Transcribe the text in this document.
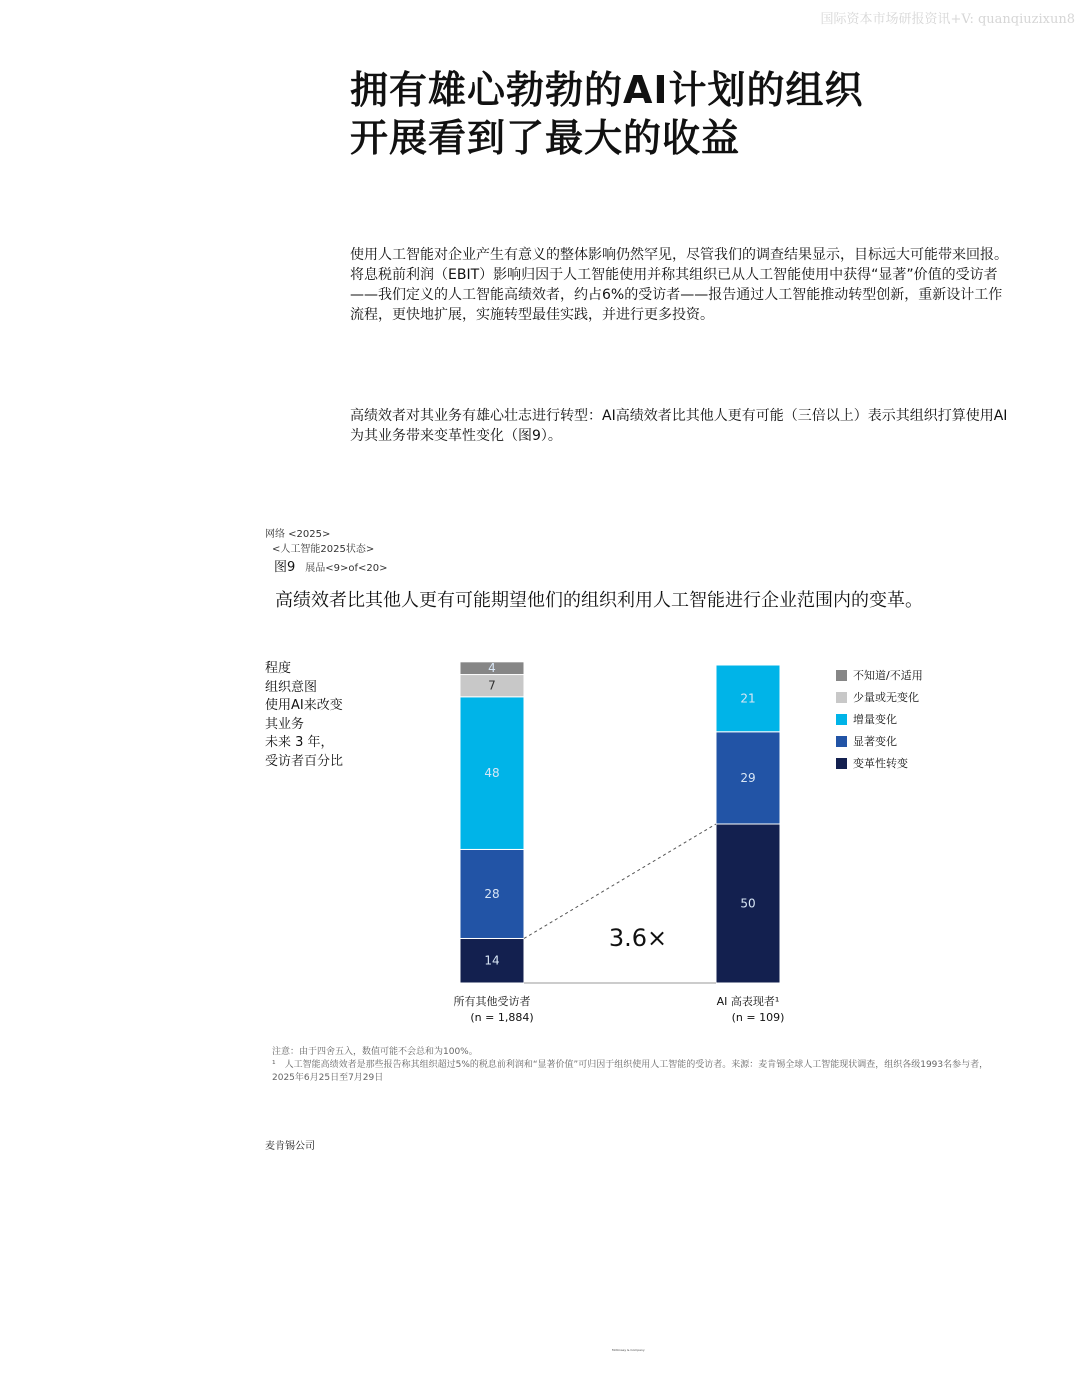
国际资本市场研报资讯+V: quanqiuzixun8
拥有雄心勃勃的AI计划的组织
开展看到了最大的收益
使用人工智能对企业产生有意义的整体影响仍然罕见，尽管我们的调查结果显示，目标远大可能带来回报。将息税前利润（EBIT）影响归因于人工智能使用并称其组织已从人工智能使用中获得“显著”价值的受访者——我们定义的人工智能高绩效者，约占6%的受访者——报告通过人工智能推动转型创新，重新设计工作流程，更快地扩展，实施转型最佳实践，并进行更多投资。
高绩效者对其业务有雄心壮志进行转型：AI高绩效者比其他人更有可能（三倍以上）表示其组织打算使用AI为其业务带来变革性变化（图9）。
网络 <2025>
<人工智能2025状态>
图9 展品<9>of<20>
高绩效者比其他人更有可能期望他们的组织利用人工智能进行企业范围内的变革。
程度
组织意图
使用AI来改变
其业务
未来 3 年，
受访者百分比
14
28
48
7
4
50
29
21
3.6×
所有其他受访者
(n = 1,884)
AI 高表现者¹
(n = 109)
不知道/不适用
少量或无变化
增量变化
显著变化
变革性转变
注意：由于四舍五入，数值可能不会总和为100%。
¹　人工智能高绩效者是那些报告称其组织超过5%的税息前利润和“显著价值”可归因于组织使用人工智能的受访者。来源：麦肯锡全球人工智能现状调查，组织各级1993名参与者，2025年6月25日至7月29日
麦肯锡公司
McKinsey & Company
